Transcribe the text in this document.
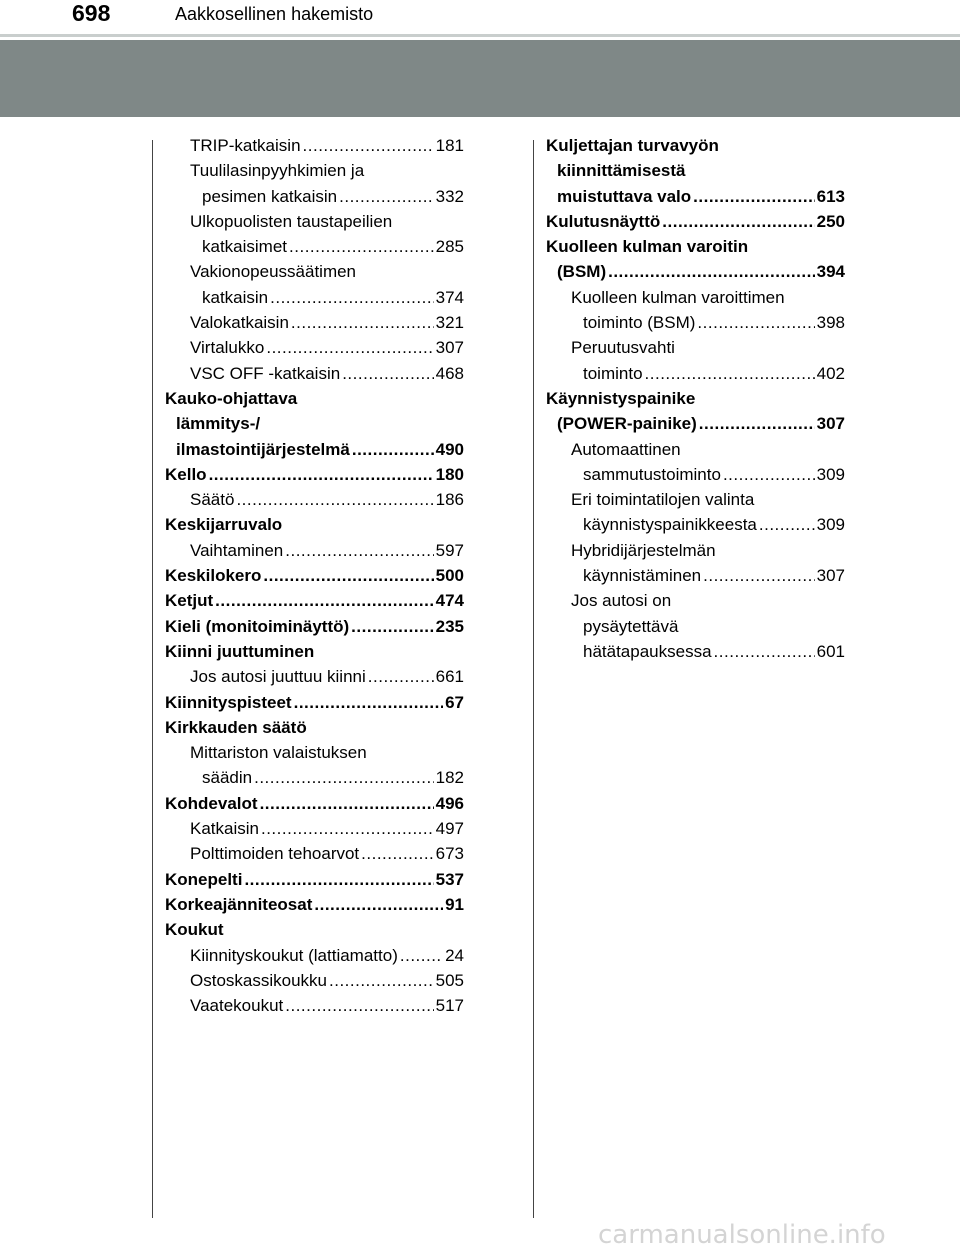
698	Aakkosellinen hakemisto
TRIP-katkaisin .....	181
Tuulilasinpyyhkimien ja
pesimen katkaisin .....	332
Ulkopuolisten taustapeilien
katkaisimet .....	285
Vakionopeussäätimen
katkaisin .....	374
Valokatkaisin .....	321
Virtalukko .....	307
VSC OFF -katkaisin .....	468
Kauko-ohjattava
lämmitys-/
ilmastointijärjestelmä .....	490
Kello .....	180
Säätö .....	186
Keskijarruvalo
Vaihtaminen .....	597
Keskilokero .....	500
Ketjut .....	474
Kieli (monitoiminäyttö) .....	235
Kiinni juuttuminen
Jos autosi juuttuu kiinni .....	661
Kiinnityspisteet .....	67
Kirkkauden säätö
Mittariston valaistuksen
säädin .....	182
Kohdevalot .....	496
Katkaisin .....	497
Polttimoiden tehoarvot .....	673
Konepelti .....	537
Korkeajänniteosat .....	91
Koukut
Kiinnityskoukut (lattiamatto) .....	24
Ostoskassikoukku .....	505
Vaatekoukut .....	517
Kuljettajan turvavyön
kiinnittämisestä
muistuttava valo .....	613
Kulutusnäyttö .....	250
Kuolleen kulman varoitin
(BSM) .....	394
Kuolleen kulman varoittimen
toiminto (BSM) .....	398
Peruutusvahti
toiminto .....	402
Käynnistyspainike
(POWER-painike) .....	307
Automaattinen
sammutustoiminto .....	309
Eri toimintatilojen valinta
käynnistyspainikkeesta .....	309
Hybridijärjestelmän
käynnistäminen .....	307
Jos autosi on
pysäytettävä
hätätapauksessa .....	601
carmanualsonline.info
